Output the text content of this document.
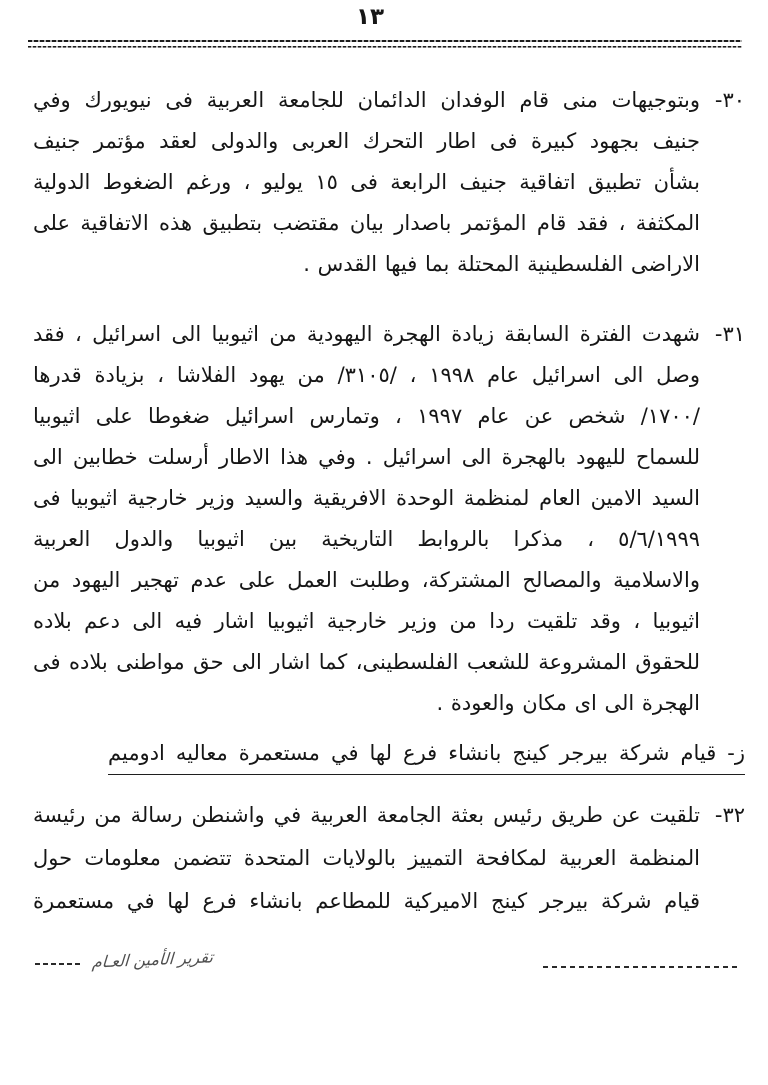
١٣
٣٠-
وبتوجيهات منى قام الوفدان الدائمان للجامعة العربية فى نيويورك وفي
جنيف بجهود كبيرة فى اطار التحرك العربى والدولى لعقد مؤتمر جنيف
بشأن تطبيق اتفاقية جنيف الرابعة فى ١٥ يوليو ، ورغم الضغوط الدولية
المكثفة ، فقد قام المؤتمر باصدار بيان مقتضب بتطبيق هذه الاتفاقية على
الاراضى الفلسطينية المحتلة بما فيها القدس .
٣١-
شهدت الفترة السابقة زيادة الهجرة اليهودية من اثيوبيا الى اسرائيل ، فقد
وصل الى اسرائيل عام ١٩٩٨ ، /٣١٠٥/ من يهود الفلاشا ، بزيادة قدرها
/١٧٠٠/ شخص عن عام ١٩٩٧ ، وتمارس اسرائيل ضغوطا على اثيوبيا
للسماح لليهود بالهجرة الى اسرائيل . وفي هذا الاطار أرسلت خطابين الى
السيد الامين العام لمنظمة الوحدة الافريقية والسيد وزير خارجية اثيوبيا فى
٥/٦/١٩٩٩ ، مذكرا بالروابط التاريخية بين اثيوبيا والدول العربية
والاسلامية والمصالح المشتركة، وطلبت العمل على عدم تهجير اليهود من
اثيوبيا ، وقد تلقيت ردا من وزير خارجية اثيوبيا اشار فيه الى دعم بلاده
للحقوق المشروعة للشعب الفلسطينى، كما اشار الى حق مواطنى بلاده فى
الهجرة الى اى مكان والعودة .
ز- قيام شركة بيرجر كينج بانشاء فرع لها في مستعمرة معاليه ادوميم
٣٢-
تلقيت عن طريق رئيس بعثة الجامعة العربية في واشنطن رسالة من رئيسة
المنظمة العربية لمكافحة التمييز بالولايات المتحدة تتضمن معلومات حول
قيام شركة بيرجر كينج الاميركية للمطاعم بانشاء فرع لها في مستعمرة
تقرير الأمين العـام
